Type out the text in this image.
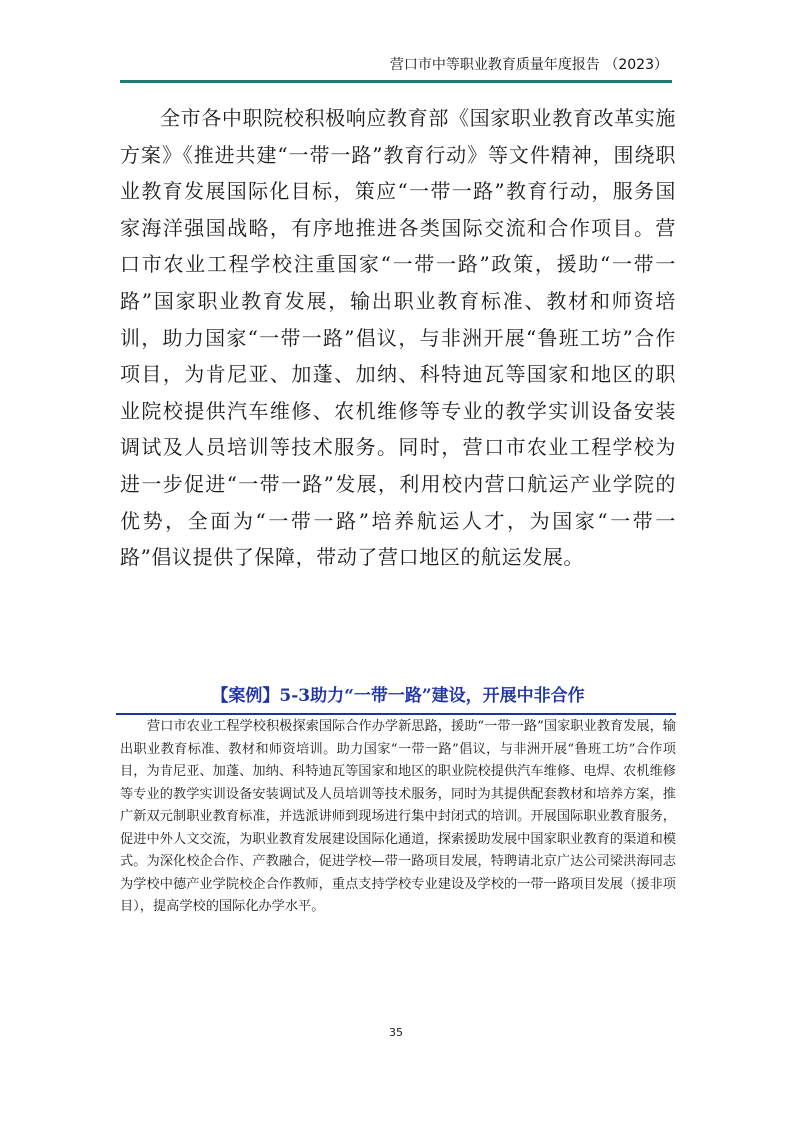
营口市中等职业教育质量年度报告 （2023）

全市各中职院校积极响应教育部《国家职业教育改革实施方案》《推进共建“一带一路”教育行动》等文件精神，围绕职业教育发展国际化目标，策应“一带一路”教育行动，服务国家海洋强国战略，有序地推进各类国际交流和合作项目。营口市农业工程学校注重国家“一带一路”政策，援助“一带一路”国家职业教育发展，输出职业教育标准、教材和师资培训，助力国家“一带一路”倡议，与非洲开展“鲁班工坊”合作项目，为肯尼亚、加蓬、加纳、科特迪瓦等国家和地区的职业院校提供汽车维修、农机维修等专业的教学实训设备安装调试及人员培训等技术服务。同时，营口市农业工程学校为进一步促进“一带一路”发展，利用校内营口航运产业学院的优势，全面为“一带一路”培养航运人才，为国家“一带一路”倡议提供了保障，带动了营口地区的航运发展。

【案例】5-3助力“一带一路”建设，开展中非合作

营口市农业工程学校积极探索国际合作办学新思路，援助“一带一路”国家职业教育发展，输出职业教育标准、教材和师资培训。助力国家“一带一路”倡议，与非洲开展“鲁班工坊”合作项目，为肯尼亚、加蓬、加纳、科特迪瓦等国家和地区的职业院校提供汽车维修、电焊、农机维修等专业的教学实训设备安装调试及人员培训等技术服务，同时为其提供配套教材和培养方案，推广新双元制职业教育标准，并选派讲师到现场进行集中封闭式的培训。开展国际职业教育服务，促进中外人文交流，为职业教育发展建设国际化通道，探索援助发展中国家职业教育的渠道和模式。为深化校企合作、产教融合，促进学校—带一路项目发展，特聘请北京广达公司梁洪海同志为学校中德产业学院校企合作教师，重点支持学校专业建设及学校的一带一路项目发展（援非项目），提高学校的国际化办学水平。

35
